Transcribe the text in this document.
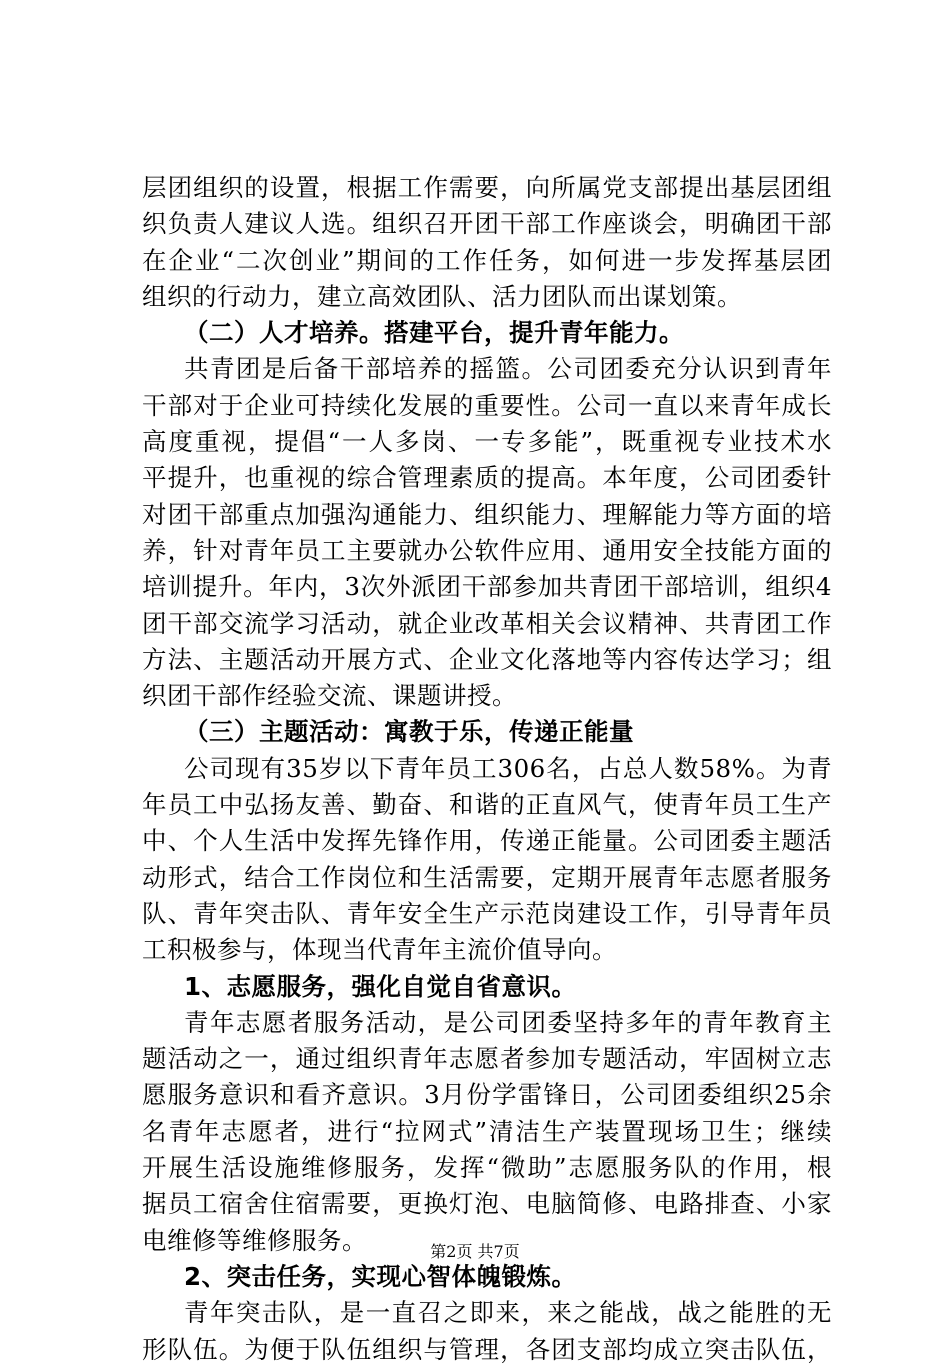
层团组织的设置，根据工作需要，向所属党支部提出基层团组
织负责人建议人选。组织召开团干部工作座谈会，明确团干部
在企业“二次创业”期间的工作任务，如何进一步发挥基层团
组织的行动力，建立高效团队、活力团队而出谋划策。
（二）人才培养。搭建平台，提升青年能力。
共青团是后备干部培养的摇篮。公司团委充分认识到青年
干部对于企业可持续化发展的重要性。公司一直以来青年成长
高度重视，提倡“一人多岗、一专多能”，既重视专业技术水
平提升，也重视的综合管理素质的提高。本年度，公司团委针
对团干部重点加强沟通能力、组织能力、理解能力等方面的培
养，针对青年员工主要就办公软件应用、通用安全技能方面的
培训提升。年内，3次外派团干部参加共青团干部培训，组织4
团干部交流学习活动，就企业改革相关会议精神、共青团工作
方法、主题活动开展方式、企业文化落地等内容传达学习；组
织团干部作经验交流、课题讲授。
（三）主题活动：寓教于乐，传递正能量
公司现有35岁以下青年员工306名，占总人数58%。为青
年员工中弘扬友善、勤奋、和谐的正直风气，使青年员工生产
中、个人生活中发挥先锋作用，传递正能量。公司团委主题活
动形式，结合工作岗位和生活需要，定期开展青年志愿者服务
队、青年突击队、青年安全生产示范岗建设工作，引导青年员
工积极参与，体现当代青年主流价值导向。
1、志愿服务，强化自觉自省意识。
青年志愿者服务活动，是公司团委坚持多年的青年教育主
题活动之一，通过组织青年志愿者参加专题活动，牢固树立志
愿服务意识和看齐意识。3月份学雷锋日，公司团委组织25余
名青年志愿者，进行“拉网式”清洁生产装置现场卫生；继续
开展生活设施维修服务，发挥“微助”志愿服务队的作用，根
据员工宿舍住宿需要，更换灯泡、电脑简修、电路排查、小家
电维修等维修服务。
2、突击任务，实现心智体魄锻炼。
青年突击队，是一直召之即来，来之能战，战之能胜的无
形队伍。为便于队伍组织与管理，各团支部均成立突击队伍，
第2页 共7页
